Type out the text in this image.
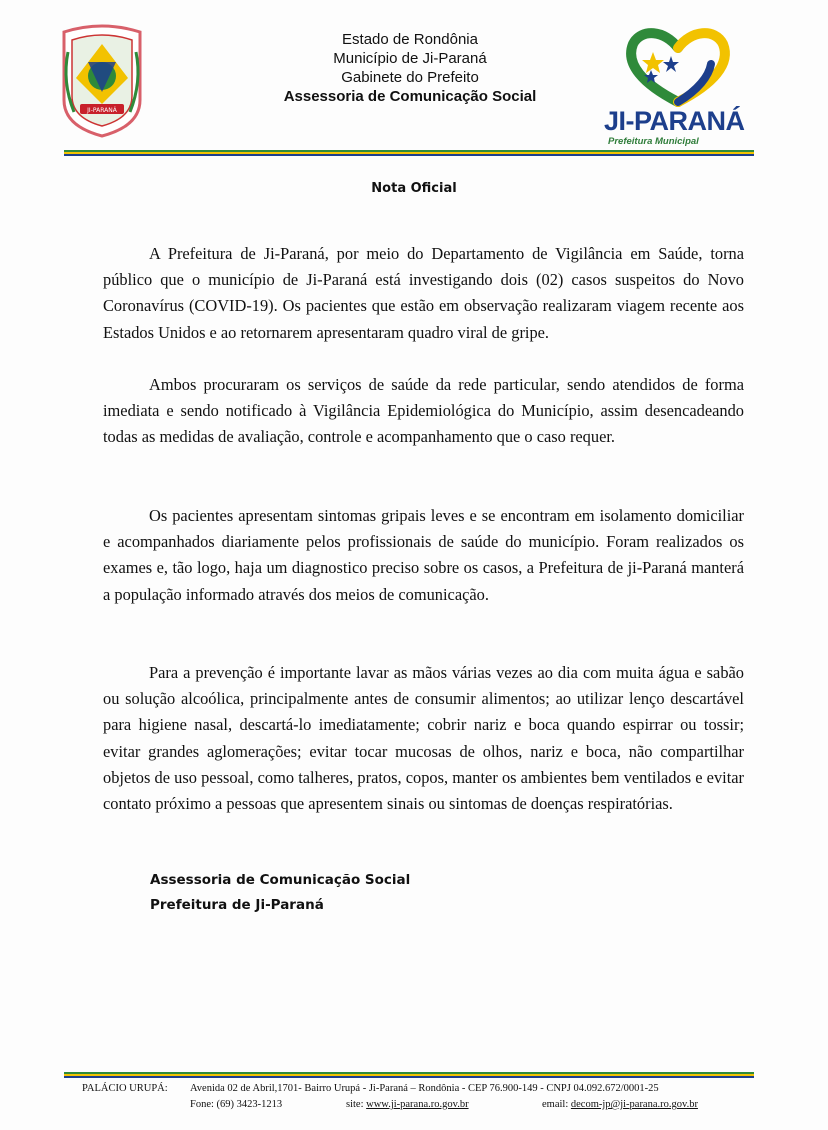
JI-PARANÁ
Estado de Rondônia
Município de Ji-Paraná
Gabinete do Prefeito
Assessoria de Comunicação Social
JI-PARANÁ
Prefeitura Municipal
Nota Oficial

A Prefeitura de Ji-Paraná, por meio do Departamento de Vigilância em Saúde, torna público que o município de Ji-Paraná está investigando dois (02) casos suspeitos do Novo Coronavírus (COVID-19). Os pacientes que estão em observação realizaram viagem recente aos Estados Unidos e ao retornarem apresentaram quadro viral de gripe.

Ambos procuraram os serviços de saúde da rede particular, sendo atendidos de forma imediata e sendo notificado à Vigilância Epidemiológica do Município, assim desencadeando todas as medidas de avaliação, controle e acompanhamento que o caso requer.

Os pacientes apresentam sintomas gripais leves e se encontram em isolamento domiciliar e acompanhados diariamente pelos profissionais de saúde do município. Foram realizados os exames e, tão logo, haja um diagnostico preciso sobre os casos, a Prefeitura de ji-Paraná manterá a população informado através dos meios de comunicação.

Para a prevenção é importante lavar as mãos várias vezes ao dia com muita água e sabão ou solução alcoólica, principalmente antes de consumir alimentos; ao utilizar lenço descartável para higiene nasal, descartá-lo imediatamente; cobrir nariz e boca quando espirrar ou tossir; evitar grandes aglomerações; evitar tocar mucosas de olhos, nariz e boca, não compartilhar objetos de uso pessoal, como talheres, pratos, copos, manter os ambientes bem ventilados e evitar contato próximo a pessoas que apresentem sinais ou sintomas de doenças respiratórias.

Assessoria de Comunicação Social
Prefeitura de Ji-Paraná
PALÁCIO URUPÁ: Avenida 02 de Abril,1701- Bairro Urupá - Ji-Paraná – Rondônia - CEP 76.900-149 - CNPJ 04.092.672/0001-25
Fone: (69) 3423-1213	site: www.ji-parana.ro.gov.br	email: decom-jp@ji-parana.ro.gov.br
